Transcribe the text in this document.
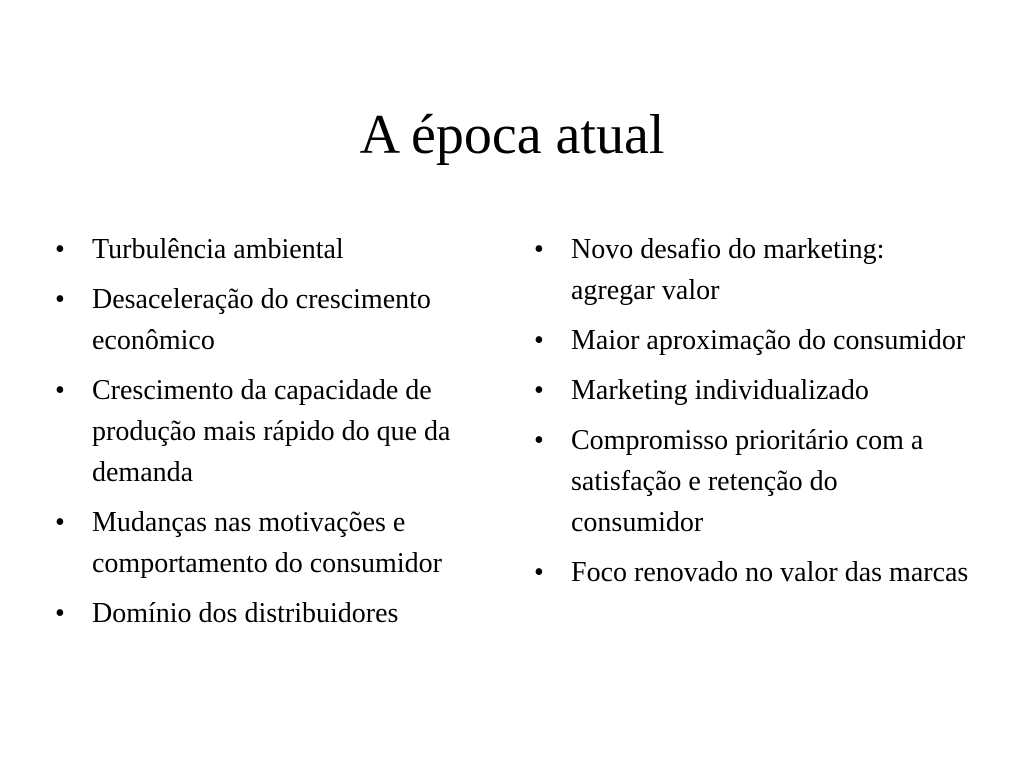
A época atual
• Turbulência ambiental
• Desaceleração do crescimento econômico
• Crescimento da capacidade de produção mais rápido do que da demanda
• Mudanças nas motivações e comportamento do consumidor
• Domínio dos distribuidores
• Novo desafio do marketing: agregar valor
• Maior aproximação do consumidor
• Marketing individualizado
• Compromisso prioritário com a satisfação e retenção do consumidor
• Foco renovado no valor das marcas
